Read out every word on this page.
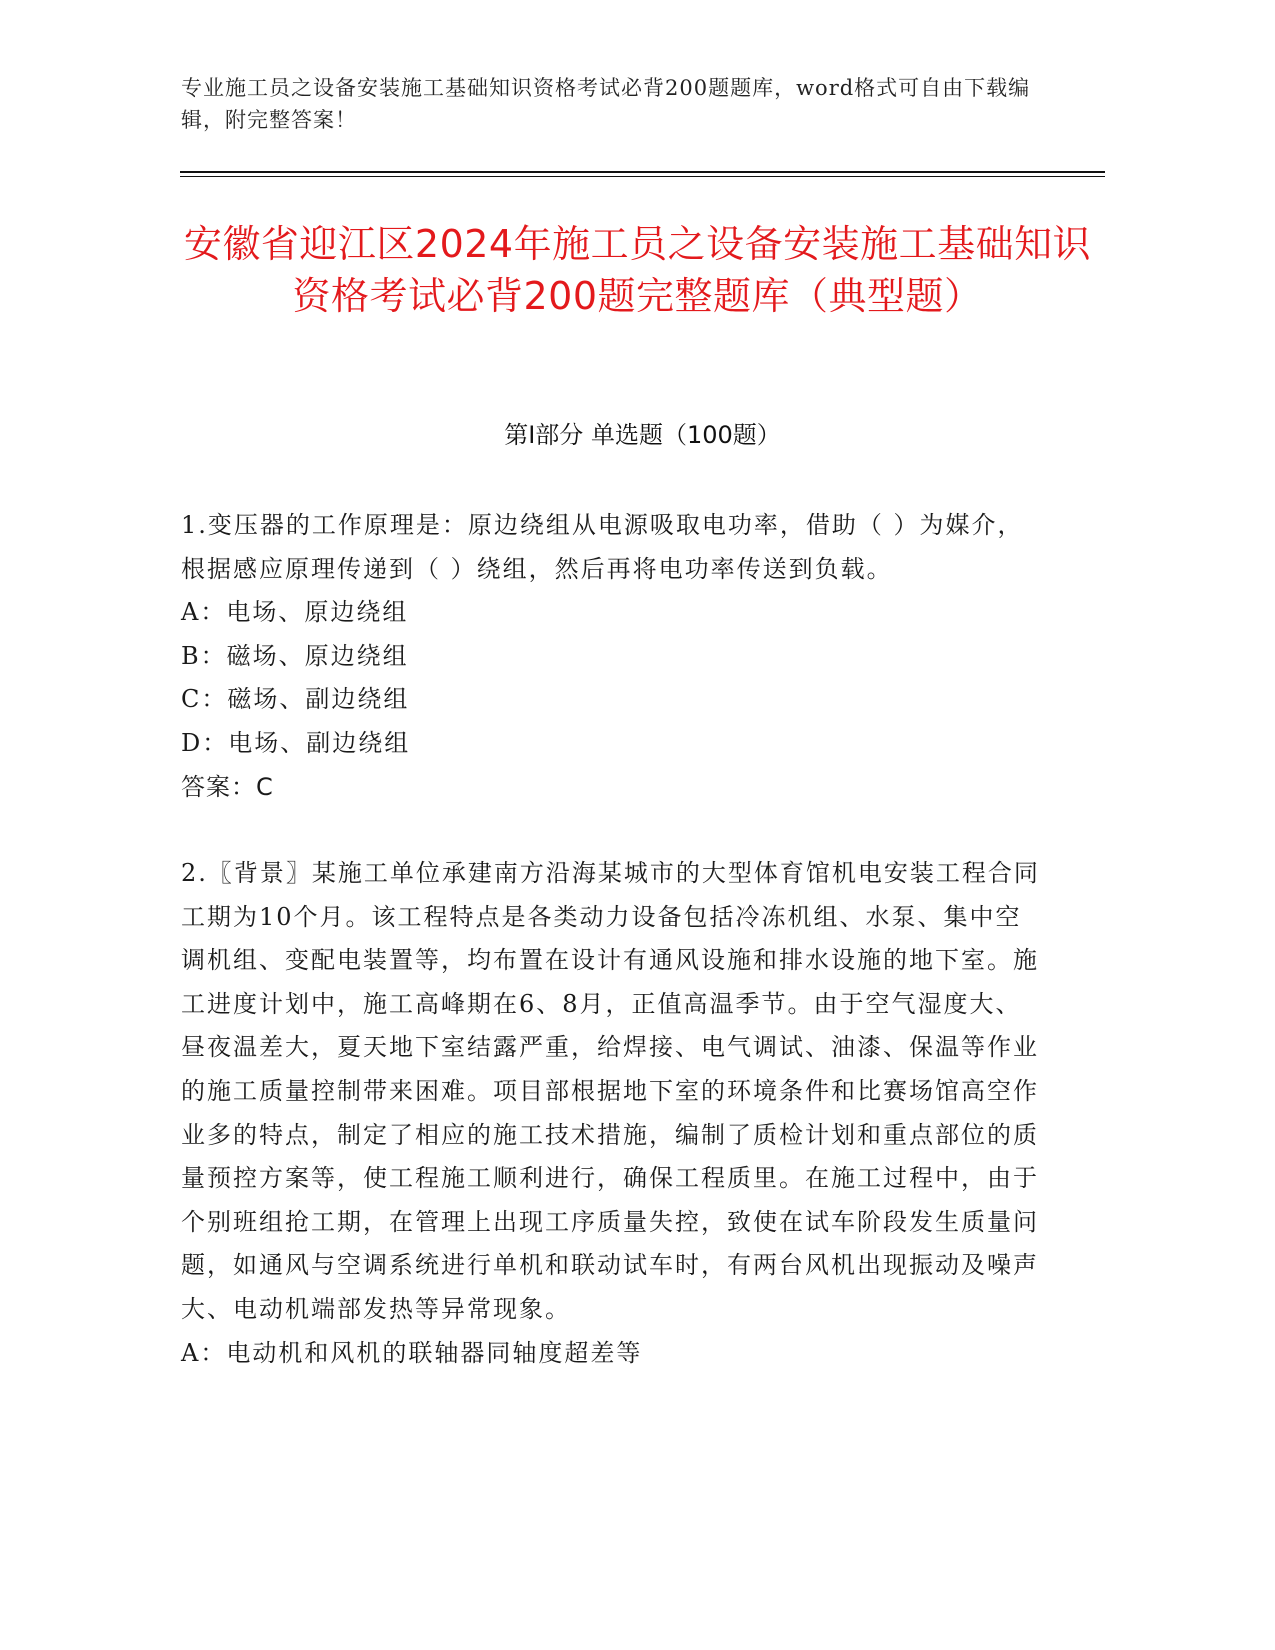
专业施工员之设备安装施工基础知识资格考试必背200题题库，word格式可自由下载编辑，附完整答案！
安徽省迎江区2024年施工员之设备安装施工基础知识资格考试必背200题完整题库（典型题）
第Ⅰ部分 单选题（100题）

1.变压器的工作原理是：原边绕组从电源吸取电功率，借助（ ）为媒介，根据感应原理传递到（ ）绕组，然后再将电功率传送到负载。

A：电场、原边绕组

B：磁场、原边绕组

C：磁场、副边绕组

D：电场、副边绕组

答案：C

2.〖背景〗某施工单位承建南方沿海某城市的大型体育馆机电安装工程合同工期为10个月。该工程特点是各类动力设备包括冷冻机组、水泵、集中空调机组、变配电装置等，均布置在设计有通风设施和排水设施的地下室。施工进度计划中，施工高峰期在6、8月，正值高温季节。由于空气湿度大、昼夜温差大，夏天地下室结露严重，给焊接、电气调试、油漆、保温等作业的施工质量控制带来困难。项目部根据地下室的环境条件和比赛场馆高空作业多的特点，制定了相应的施工技术措施，编制了质检计划和重点部位的质量预控方案等，使工程施工顺利进行，确保工程质里。在施工过程中，由于个别班组抢工期，在管理上出现工序质量失控，致使在试车阶段发生质量问题，如通风与空调系统进行单机和联动试车时，有两台风机出现振动及噪声大、电动机端部发热等异常现象。

A：电动机和风机的联轴器同轴度超差等
